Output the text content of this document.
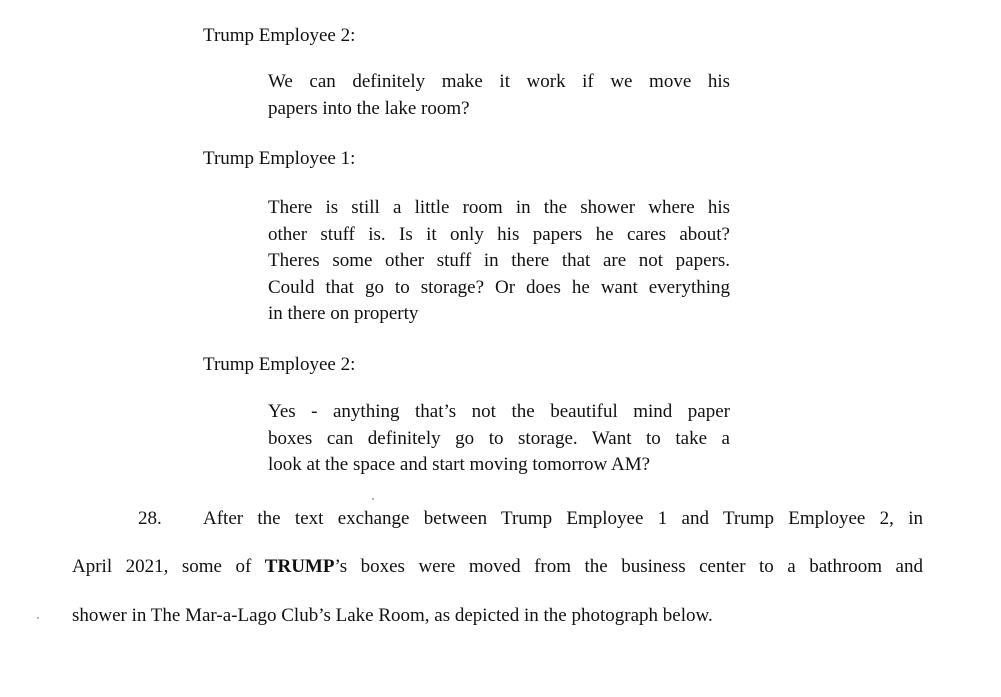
Trump Employee 2:
We can definitely make it work if we move his
papers into the lake room?
Trump Employee 1:
There is still a little room in the shower where his
other stuff is. Is it only his papers he cares about?
Theres some other stuff in there that are not papers.
Could that go to storage? Or does he want everything
in there on property
Trump Employee 2:
Yes - anything that’s not the beautiful mind paper
boxes can definitely go to storage. Want to take a
look at the space and start moving tomorrow AM?
28. After the text exchange between Trump Employee 1 and Trump Employee 2, in
April 2021, some of TRUMP’s boxes were moved from the business center to a bathroom and
shower in The Mar-a-Lago Club’s Lake Room, as depicted in the photograph below.
